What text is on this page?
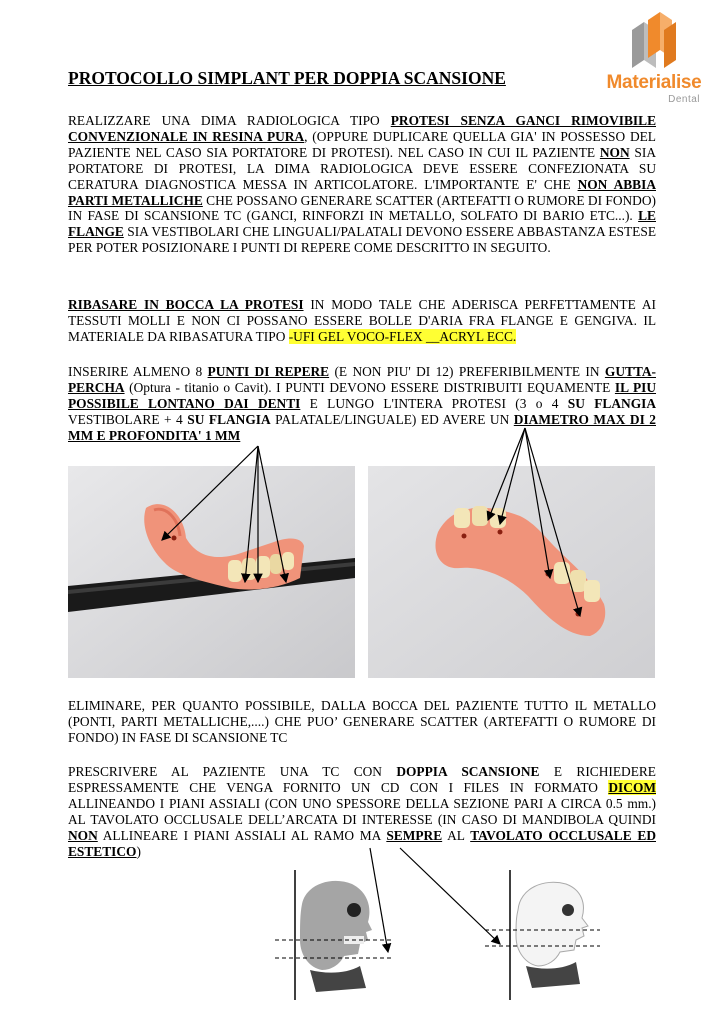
Materialise
Dental
PROTOCOLLO SIMPLANT PER DOPPIA SCANSIONE
REALIZZARE UNA DIMA RADIOLOGICA TIPO PROTESI SENZA GANCI RIMOVIBILE CONVENZIONALE IN RESINA PURA, (OPPURE DUPLICARE QUELLA GIA' IN POSSESSO DEL PAZIENTE NEL CASO SIA PORTATORE DI PROTESI). NEL CASO IN CUI IL PAZIENTE NON SIA PORTATORE DI PROTESI, LA DIMA RADIOLOGICA DEVE ESSERE CONFEZIONATA SU CERATURA DIAGNOSTICA MESSA IN ARTICOLATORE. L'IMPORTANTE E' CHE NON ABBIA PARTI METALLICHE CHE POSSANO GENERARE SCATTER (ARTEFATTI O RUMORE DI FONDO) IN FASE DI SCANSIONE TC (GANCI, RINFORZI IN METALLO, SOLFATO DI BARIO ETC...). LE FLANGE SIA VESTIBOLARI CHE LINGUALI/PALATALI DEVONO ESSERE ABBASTANZA ESTESE PER POTER POSIZIONARE I PUNTI DI REPERE COME DESCRITTO IN SEGUITO.
RIBASARE IN BOCCA LA PROTESI IN MODO TALE CHE ADERISCA PERFETTAMENTE AI TESSUTI MOLLI E NON CI POSSANO ESSERE BOLLE D'ARIA FRA FLANGE E GENGIVA. IL MATERIALE DA RIBASATURA TIPO -UFI GEL VOCO-FLEX __ACRYL ECC.
INSERIRE ALMENO 8 PUNTI DI REPERE (E NON PIU' DI 12) PREFERIBILMENTE IN GUTTA-PERCHA (Optura - titanio o Cavit). I PUNTI DEVONO ESSERE DISTRIBUITI EQUAMENTE IL PIU POSSIBILE LONTANO DAI DENTI E LUNGO L'INTERA PROTESI (3 o 4 SU FLANGIA VESTIBOLARE + 4 SU FLANGIA PALATALE/LINGUALE) ED AVERE UN DIAMETRO MAX DI 2 MM E PROFONDITA' 1 MM
ELIMINARE, PER QUANTO POSSIBILE, DALLA BOCCA DEL PAZIENTE TUTTO IL METALLO (PONTI, PARTI METALLICHE,....) CHE PUO’ GENERARE SCATTER (ARTEFATTI O RUMORE DI FONDO) IN FASE DI SCANSIONE TC
PRESCRIVERE AL PAZIENTE UNA TC CON DOPPIA SCANSIONE E RICHIEDERE ESPRESSAMENTE CHE VENGA FORNITO UN CD CON I FILES IN FORMATO DICOM ALLINEANDO I PIANI ASSIALI (CON UNO SPESSORE DELLA SEZIONE PARI A CIRCA 0.5 mm.) AL TAVOLATO OCCLUSALE DELL’ARCATA DI INTERESSE (IN CASO DI MANDIBOLA QUINDI NON ALLINEARE I PIANI ASSIALI AL RAMO MA SEMPRE AL TAVOLATO OCCLUSALE ED ESTETICO)
